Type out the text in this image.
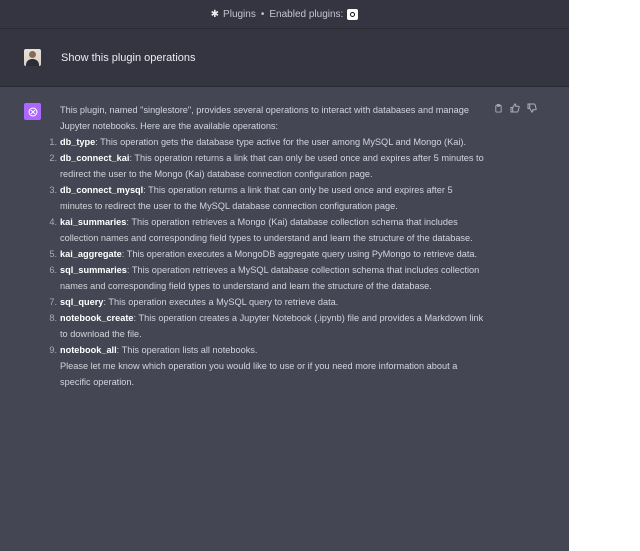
✱ Plugins • Enabled plugins:
Show this plugin operations

This plugin, named "singlestore", provides several operations to interact with databases and manage Jupyter notebooks. Here are the available operations:

1. db_type: This operation gets the database type active for the user among MySQL and Mongo (Kai).
2. db_connect_kai: This operation returns a link that can only be used once and expires after 5 minutes to redirect the user to the Mongo (Kai) database connection configuration page.
3. db_connect_mysql: This operation returns a link that can only be used once and expires after 5 minutes to redirect the user to the MySQL database connection configuration page.
4. kai_summaries: This operation retrieves a Mongo (Kai) database collection schema that includes collection names and corresponding field types to understand and learn the structure of the database.
5. kai_aggregate: This operation executes a MongoDB aggregate query using PyMongo to retrieve data.
6. sql_summaries: This operation retrieves a MySQL database collection schema that includes collection names and corresponding field types to understand and learn the structure of the database.
7. sql_query: This operation executes a MySQL query to retrieve data.
8. notebook_create: This operation creates a Jupyter Notebook (.ipynb) file and provides a Markdown link to download the file.
9. notebook_all: This operation lists all notebooks.

Please let me know which operation you would like to use or if you need more information about a specific operation.
